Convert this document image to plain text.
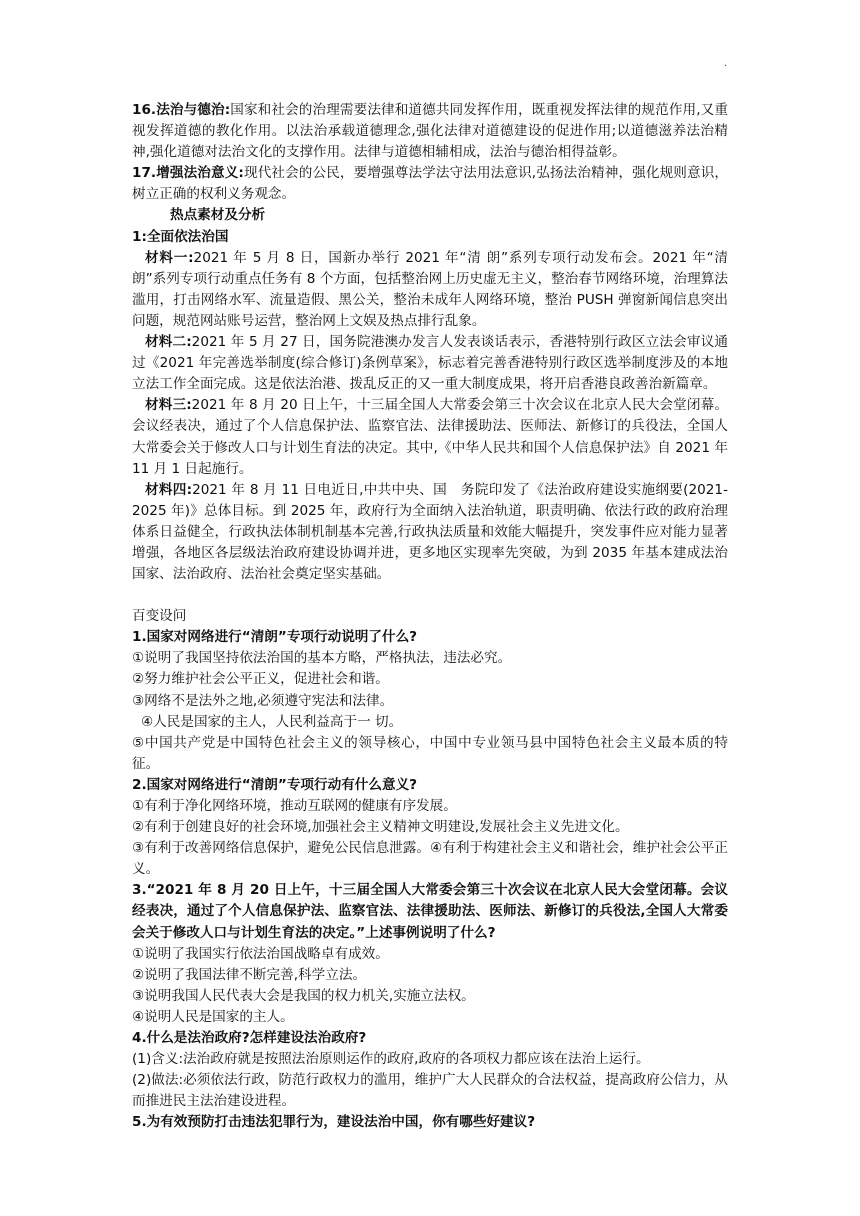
.

16.法治与德治:国家和社会的治理需要法律和道德共同发挥作用，既重视发挥法律的规范作用,又重视发挥道德的教化作用。以法治承载道德理念,强化法律对道德建设的促进作用;以道德滋养法治精神,强化道德对法治文化的支撑作用。法律与道德相辅相成，法治与德治相得益彰。

17.增强法治意义:现代社会的公民，要增强尊法学法守法用法意识,弘扬法治精神，强化规则意识，树立正确的权利义务观念。

热点素材及分析

1:全面依法治国

材料一:2021 年 5 月 8 日，国新办举行 2021 年“清 朗”系列专项行动发布会。2021 年“清朗”系列专项行动重点任务有 8 个方面，包括整治网上历史虚无主义，整治春节网络环境，治理算法滥用，打击网络水军、流量造假、黑公关，整治未成年人网络环境，整治 PUSH 弹窗新闻信息突出问题，规范网站账号运营，整治网上文娱及热点排行乱象。

材料二:2021 年 5 月 27 日，国务院港澳办发言人发表谈话表示，香港特别行政区立法会审议通过《2021 年完善选举制度(综合修订)条例草案》，标志着完善香港特别行政区选举制度涉及的本地立法工作全面完成。这是依法治港、拨乱反正的又一重大制度成果，将开启香港良政善治新篇章。

材料三:2021 年 8 月 20 日上午，十三届全国人大常委会第三十次会议在北京人民大会堂闭幕。会议经表决，通过了个人信息保护法、监察官法、法律援助法、医师法、新修订的兵役法，全国人大常委会关于修改人口与计划生育法的决定。其中,《中华人民共和国个人信息保护法》自 2021 年 11 月 1 日起施行。

材料四:2021 年 8 月 11 日电近日,中共中央、国　务院印发了《法治政府建设实施纲要(2021-2025 年)》总体目标。到 2025 年，政府行为全面纳入法治轨道，职责明确、依法行政的政府治理体系日益健全，行政执法体制机制基本完善,行政执法质量和效能大幅提升，突发事件应对能力显著增强，各地区各层级法治政府建设协调并进，更多地区实现率先突破，为到 2035 年基本建成法治国家、法治政府、法治社会奠定坚实基础。

百变设问

1.国家对网络进行“清朗”专项行动说明了什么?

①说明了我国坚持依法治国的基本方略，严格执法，违法必究。

②努力维护社会公平正义，促进社会和谐。

③网络不是法外之地,必须遵守宪法和法律。

④人民是国家的主人，人民利益高于一 切。

⑤中国共产党是中国特色社会主义的领导核心，中国中专业领马县中国特色社会主义最本质的特征。

2.国家对网络进行“清朗”专项行动有什么意义?

①有利于净化网络环境，推动互联网的健康有序发展。

②有利于创建良好的社会环境,加强社会主义精神文明建设,发展社会主义先进文化。

③有利于改善网络信息保护，避免公民信息泄露。④有利于构建社会主义和谐社会，维护社会公平正义。

3.“2021 年 8 月 20 日上午，十三届全国人大常委会第三十次会议在北京人民大会堂闭幕。会议经表决，通过了个人信息保护法、监察官法、法律援助法、医师法、新修订的兵役法,全国人大常委会关于修改人口与计划生育法的决定。”上述事例说明了什么?

①说明了我国实行依法治国战略卓有成效。

②说明了我国法律不断完善,科学立法。

③说明我国人民代表大会是我国的权力机关,实施立法权。

④说明人民是国家的主人。

4.什么是法治政府?怎样建设法治政府?

(1)含义:法治政府就是按照法治原则运作的政府,政府的各项权力都应该在法治上运行。

(2)做法:必须依法行政，防范行政权力的滥用，维护广大人民群众的合法权益，提高政府公信力，从而推进民主法治建设进程。

5.为有效预防打击违法犯罪行为，建设法治中国，你有哪些好建议?
